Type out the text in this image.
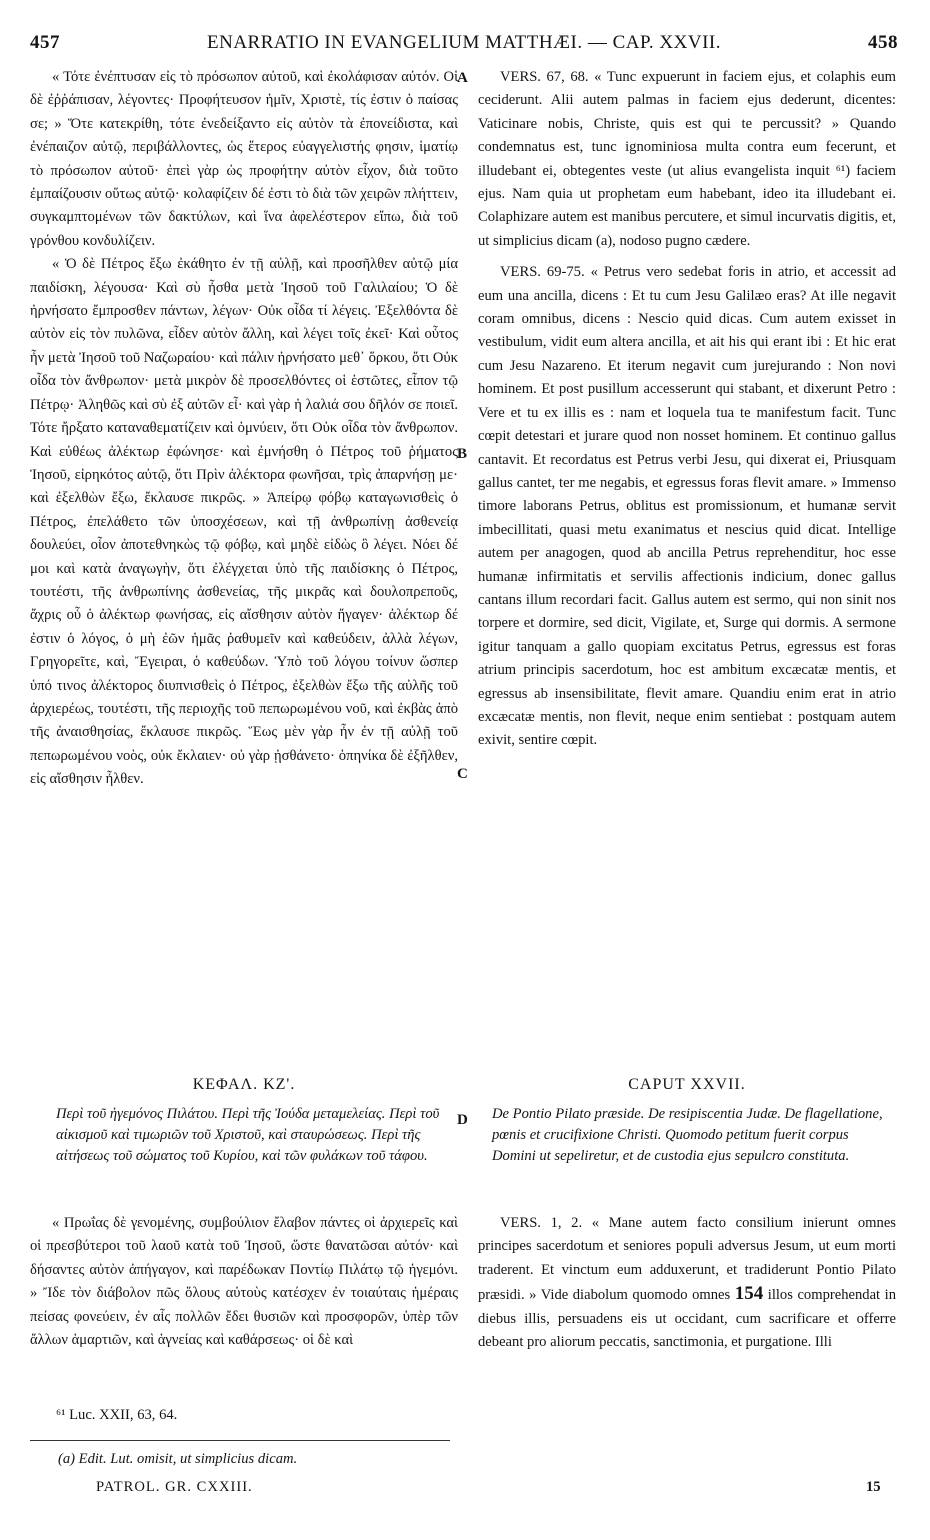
457	ENARRATIO IN EVANGELIUM MATTHÆI. — CAP. XXVII.	458

« Τότε ἐνέπτυσαν εἰς τὸ πρόσωπον αὐτοῦ, καὶ ἐκολάφισαν αὐτόν. Οἱ δὲ ἐῤῥάπισαν, λέγοντες· Προφήτευσον ἡμῖν, Χριστὲ, τίς ἐστιν ὁ παίσας σε; » Ὅτε κατεκρίθη, τότε ἐνεδείξαντο εἰς αὐτὸν τὰ ἐπονείδιστα, καὶ ἐνέπαιζον αὐτῷ, περιβάλλοντες, ὡς ἕτερος εὐαγγελιστής φησιν, ἱματίῳ τὸ πρόσωπον αὐτοῦ· ἐπεὶ γὰρ ὡς προφήτην αὐτὸν εἶχον, διὰ τοῦτο ἐμπαίζουσιν οὕτως αὐτῷ· κολαφίζειν δέ ἐστι τὸ διὰ τῶν χειρῶν πλήττειν, συγκαμπτομένων τῶν δακτύλων, καὶ ἵνα ἀφελέστερον εἴπω, διὰ τοῦ γρόνθου κονδυλίζειν.

« Ὁ δὲ Πέτρος ἔξω ἐκάθητο ἐν τῇ αὐλῇ, καὶ προσῆλθεν αὐτῷ μία παιδίσκη, λέγουσα· Καὶ σὺ ἦσθα μετὰ Ἰησοῦ τοῦ Γαλιλαίου; Ὁ δὲ ἠρνήσατο ἔμπροσθεν πάντων, λέγων· Οὐκ οἶδα τί λέγεις. Ἐξελθόντα δὲ αὐτὸν εἰς τὸν πυλῶνα, εἶδεν αὐτὸν ἄλλη, καὶ λέγει τοῖς ἐκεῖ· Καὶ οὗτος ἦν μετὰ Ἰησοῦ τοῦ Ναζωραίου· καὶ πάλιν ἠρνήσατο μεθ᾽ ὅρκου, ὅτι Οὐκ οἶδα τὸν ἄνθρωπον· μετὰ μικρὸν δὲ προσελθόντες οἱ ἑστῶτες, εἶπον τῷ Πέτρῳ· Ἀληθῶς καὶ σὺ ἐξ αὐτῶν εἶ· καὶ γὰρ ἡ λαλιά σου δῆλόν σε ποιεῖ. Τότε ἤρξατο καταναθεματίζειν καὶ ὀμνύειν, ὅτι Οὐκ οἶδα τὸν ἄνθρωπον. Καὶ εὐθέως ἀλέκτωρ ἐφώνησε· καὶ ἐμνήσθη ὁ Πέτρος τοῦ ῥήματος Ἰησοῦ, εἰρηκότος αὐτῷ, ὅτι Πρὶν ἀλέκτορα φωνῆσαι, τρὶς ἀπαρνήσῃ με· καὶ ἐξελθὼν ἔξω, ἔκλαυσε πικρῶς. » Ἀπείρῳ φόβῳ καταγωνισθεὶς ὁ Πέτρος, ἐπελάθετο τῶν ὑποσχέσεων, καὶ τῇ ἀνθρωπίνῃ ἀσθενείᾳ δουλεύει, οἷον ἀποτεθνηκὼς τῷ φόβῳ, καὶ μηδὲ εἰδὼς ὃ λέγει. Νόει δέ μοι καὶ κατὰ ἀναγωγὴν, ὅτι ἐλέγχεται ὑπὸ τῆς παιδίσκης ὁ Πέτρος, τουτέστι, τῆς ἀνθρωπίνης ἀσθενείας, τῆς μικρᾶς καὶ δουλοπρεποῦς, ἄχρις οὗ ὁ ἀλέκτωρ φωνήσας, εἰς αἴσθησιν αὐτὸν ἤγαγεν· ἀλέκτωρ δέ ἐστιν ὁ λόγος, ὁ μὴ ἐῶν ἡμᾶς ῥαθυμεῖν καὶ καθεύδειν, ἀλλὰ λέγων, Γρηγορεῖτε, καὶ, Ἔγειραι, ὁ καθεύδων. Ὑπὸ τοῦ λόγου τοίνυν ὥσπερ ὑπό τινος ἀλέκτορος διυπνισθεὶς ὁ Πέτρος, ἐξελθὼν ἔξω τῆς αὐλῆς τοῦ ἀρχιερέως, τουτέστι, τῆς περιοχῆς τοῦ πεπωρωμένου νοῦ, καὶ ἐκβὰς ἀπὸ τῆς ἀναισθησίας, ἔκλαυσε πικρῶς. Ἕως μὲν γὰρ ἦν ἐν τῇ αὐλῇ τοῦ πεπωρωμένου νοὸς, οὐκ ἔκλαιεν· οὐ γὰρ ᾐσθάνετο· ὁπηνίκα δὲ ἐξῆλθεν, εἰς αἴσθησιν ἦλθεν.

VERS. 67, 68. « Tunc expuerunt in faciem ejus, et colaphis eum ceciderunt. Alii autem palmas in faciem ejus dederunt, dicentes: Vaticinare nobis, Christe, quis est qui te percussit? » Quando condemnatus est, tunc ignominiosa multa contra eum fecerunt, et illudebant ei, obtegentes veste (ut alius evangelista inquit ⁶¹) faciem ejus. Nam quia ut prophetam eum habebant, ideo ita illudebant ei. Colaphizare autem est manibus percutere, et simul incurvatis digitis, et, ut simplicius dicam (a), nodoso pugno cædere.

VERS. 69-75. « Petrus vero sedebat foris in atrio, et accessit ad eum una ancilla, dicens : Et tu cum Jesu Galilæo eras? At ille negavit coram omnibus, dicens : Nescio quid dicas. Cum autem exisset in vestibulum, vidit eum altera ancilla, et ait his qui erant ibi : Et hic erat cum Jesu Nazareno. Et iterum negavit cum jurejurando : Non novi hominem. Et post pusillum accesserunt qui stabant, et dixerunt Petro : Vere et tu ex illis es : nam et loquela tua te manifestum facit. Tunc cœpit detestari et jurare quod non nosset hominem. Et continuo gallus cantavit. Et recordatus est Petrus verbi Jesu, qui dixerat ei, Priusquam gallus cantet, ter me negabis, et egressus foras flevit amare. » Immenso timore laborans Petrus, oblitus est promissionum, et humanæ servit imbecillitati, quasi metu exanimatus et nescius quid dicat. Intellige autem per anagogen, quod ab ancilla Petrus reprehenditur, hoc esse humanæ infirmitatis et servilis affectionis indicium, donec gallus cantans illum recordari facit. Gallus autem est sermo, qui non sinit nos torpere et dormire, sed dicit, Vigilate, et, Surge qui dormis. A sermone igitur tanquam a gallo quopiam excitatus Petrus, egressus est foras atrium principis sacerdotum, hoc est ambitum excæcatæ mentis, et egressus ab insensibilitate, flevit amare. Quandiu enim erat in atrio excæcatæ mentis, non flevit, neque enim sentiebat : postquam autem exivit, sentire cœpit.

A
B
C
D
ΚΕΦΑΛ. ΚΖ'.	CAPUT XXVII.
Περὶ τοῦ ἡγεμόνος Πιλάτου. Περὶ τῆς Ἰούδα μεταμελείας. Περὶ τοῦ αἰκισμοῦ καὶ τιμωριῶν τοῦ Χριστοῦ, καὶ σταυρώσεως. Περὶ τῆς αἰτήσεως τοῦ σώματος τοῦ Κυρίου, καὶ τῶν φυλάκων τοῦ τάφου.
De Pontio Pilato præside. De resipiscentia Judæ. De flagellatione, pœnis et crucifixione Christi. Quomodo petitum fuerit corpus Domini ut sepeliretur, et de custodia ejus sepulcro constituta.

« Πρωΐας δὲ γενομένης, συμβούλιον ἔλαβον πάντες οἱ ἀρχιερεῖς καὶ οἱ πρεσβύτεροι τοῦ λαοῦ κατὰ τοῦ Ἰησοῦ, ὥστε θανατῶσαι αὐτόν· καὶ δήσαντες αὐτὸν ἀπήγαγον, καὶ παρέδωκαν Ποντίῳ Πιλάτῳ τῷ ἡγεμόνι. » Ἴδε τὸν διάβολον πῶς ὅλους αὐτοὺς κατέσχεν ἐν τοιαύταις ἡμέραις πείσας φονεύειν, ἐν αἷς πολλῶν ἔδει θυσιῶν καὶ προσφορῶν, ὑπὲρ τῶν ἄλλων ἁμαρτιῶν, καὶ ἁγνείας καὶ καθάρσεως· οἱ δὲ καὶ

VERS. 1, 2. « Mane autem facto consilium inierunt omnes principes sacerdotum et seniores populi adversus Jesum, ut eum morti traderent. Et vinctum eum adduxerunt, et tradiderunt Pontio Pilato præsidi. » Vide diabolum quomodo omnes 154 illos comprehendat in diebus illis, persuadens eis ut occidant, cum sacrificare et offerre debeant pro aliorum peccatis, sanctimonia, et purgatione. Illi

⁶¹ Luc. XXII, 63, 64.
(a) Edit. Lut. omisit, ut simplicius dicam.
PATROL. GR. CXXIII.	15
